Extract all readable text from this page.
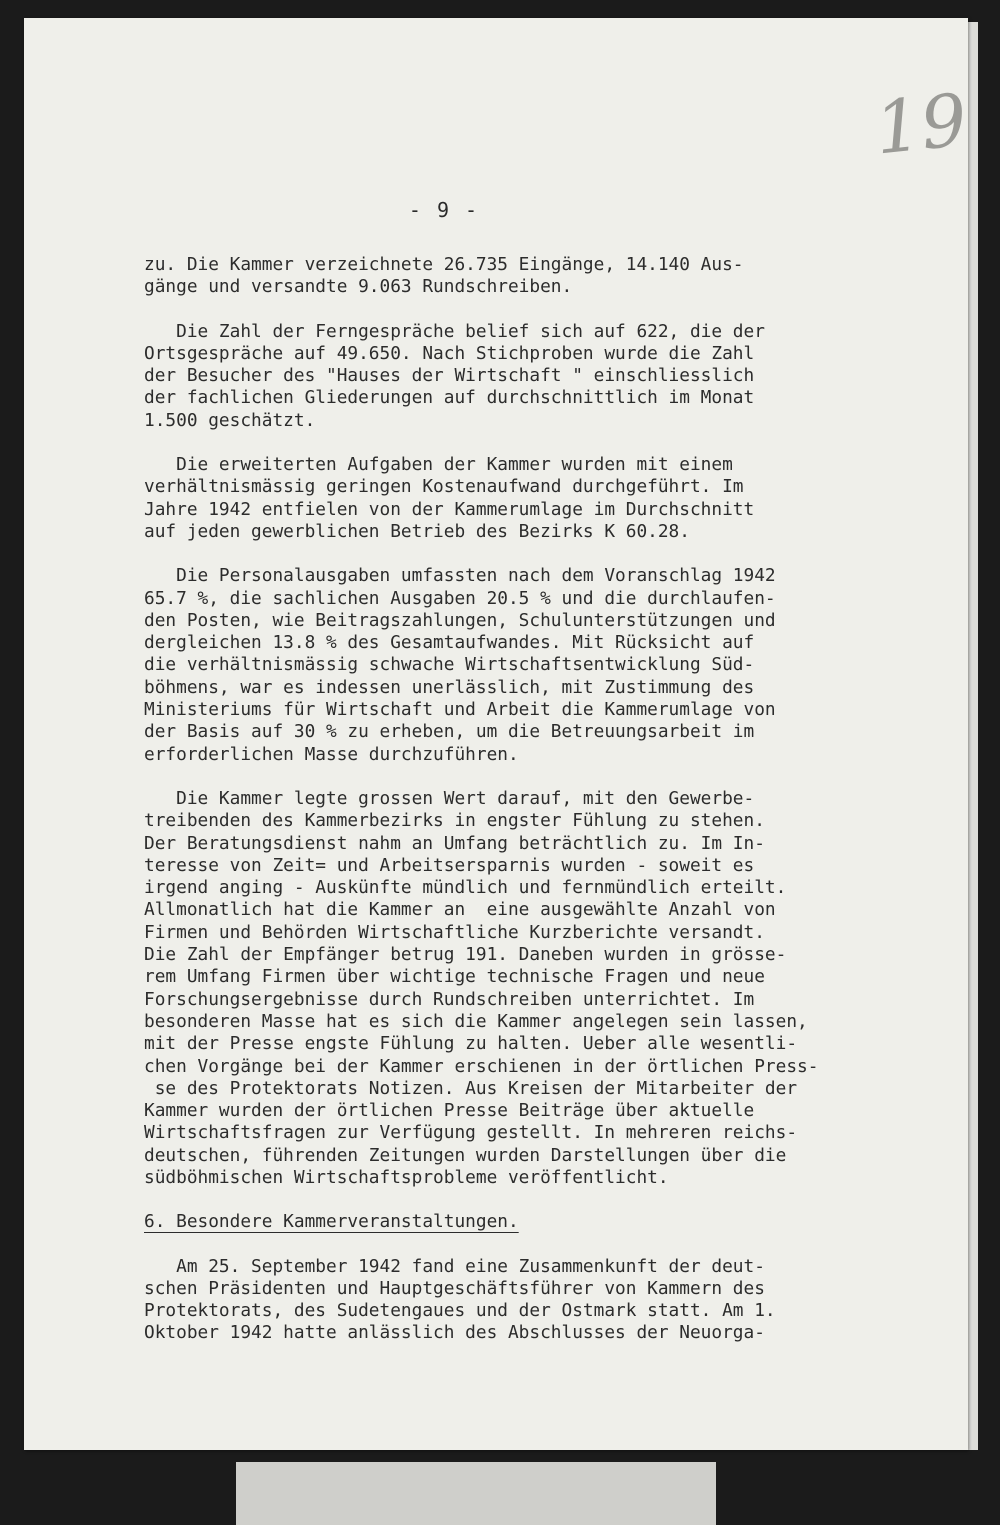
19
- 9 -
zu. Die Kammer verzeichnete 26.735 Eingänge, 14.140 Aus-
gänge und versandte 9.063 Rundschreiben.
Die Zahl der Ferngespräche belief sich auf 622, die der
Ortsgespräche auf 49.650. Nach Stichproben wurde die Zahl
der Besucher des "Hauses der Wirtschaft " einschliesslich
der fachlichen Gliederungen auf durchschnittlich im Monat
1.500 geschätzt.
Die erweiterten Aufgaben der Kammer wurden mit einem
verhältnismässig geringen Kostenaufwand durchgeführt. Im
Jahre 1942 entfielen von der Kammerumlage im Durchschnitt
auf jeden gewerblichen Betrieb des Bezirks K 60.28.
Die Personalausgaben umfassten nach dem Voranschlag 1942
65.7 %, die sachlichen Ausgaben 20.5 % und die durchlaufen-
den Posten, wie Beitragszahlungen, Schulunterstützungen und
dergleichen 13.8 % des Gesamtaufwandes. Mit Rücksicht auf
die verhältnismässig schwache Wirtschaftsentwicklung Süd-
böhmens, war es indessen unerlässlich, mit Zustimmung des
Ministeriums für Wirtschaft und Arbeit die Kammerumlage von
der Basis auf 30 % zu erheben, um die Betreuungsarbeit im
erforderlichen Masse durchzuführen.
Die Kammer legte grossen Wert darauf, mit den Gewerbe-
treibenden des Kammerbezirks in engster Fühlung zu stehen.
Der Beratungsdienst nahm an Umfang beträchtlich zu. Im In-
teresse von Zeit= und Arbeitsersparnis wurden - soweit es
irgend anging - Auskünfte mündlich und fernmündlich erteilt.
Allmonatlich hat die Kammer an  eine ausgewählte Anzahl von
Firmen und Behörden Wirtschaftliche Kurzberichte versandt.
Die Zahl der Empfänger betrug 191. Daneben wurden in grösse-
rem Umfang Firmen über wichtige technische Fragen und neue
Forschungsergebnisse durch Rundschreiben unterrichtet. Im
besonderen Masse hat es sich die Kammer angelegen sein lassen,
mit der Presse engste Fühlung zu halten. Ueber alle wesentli-
chen Vorgänge bei der Kammer erschienen in der örtlichen Press-
se des Protektorats Notizen. Aus Kreisen der Mitarbeiter der
Kammer wurden der örtlichen Presse Beiträge über aktuelle
Wirtschaftsfragen zur Verfügung gestellt. In mehreren reichs-
deutschen, führenden Zeitungen wurden Darstellungen über die
südböhmischen Wirtschaftsprobleme veröffentlicht.
6. Besondere Kammerveranstaltungen.
Am 25. September 1942 fand eine Zusammenkunft der deut-
schen Präsidenten und Hauptgeschäftsführer von Kammern des
Protektorats, des Sudetengaues und der Ostmark statt. Am 1.
Oktober 1942 hatte anlässlich des Abschlusses der Neuorga-
